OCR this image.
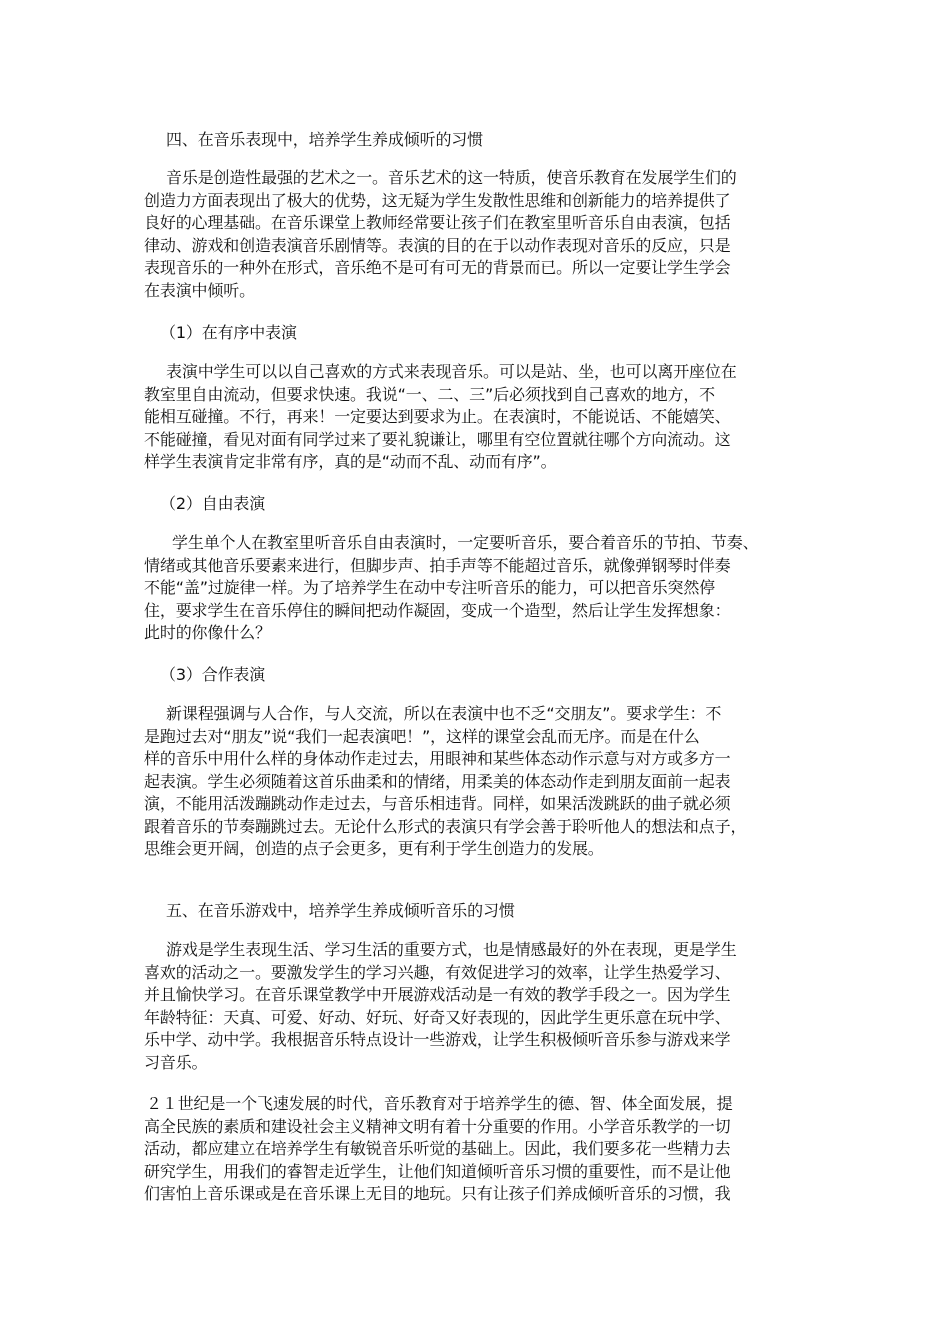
四、在音乐表现中，培养学生养成倾听的习惯

音乐是创造性最强的艺术之一。音乐艺术的这一特质，使音乐教育在发展学生们的
创造力方面表现出了极大的优势，这无疑为学生发散性思维和创新能力的培养提供了
良好的心理基础。在音乐课堂上教师经常要让孩子们在教室里听音乐自由表演，包括
律动、游戏和创造表演音乐剧情等。表演的目的在于以动作表现对音乐的反应，只是
表现音乐的一种外在形式，音乐绝不是可有可无的背景而已。所以一定要让学生学会
在表演中倾听。

（1）在有序中表演

表演中学生可以以自己喜欢的方式来表现音乐。可以是站、坐，也可以离开座位在
教室里自由流动，但要求快速。我说“一、二、三”后必须找到自己喜欢的地方，不
能相互碰撞。不行，再来！一定要达到要求为止。在表演时，不能说话、不能嬉笑、
不能碰撞，看见对面有同学过来了要礼貌谦让，哪里有空位置就往哪个方向流动。这
样学生表演肯定非常有序，真的是“动而不乱、动而有序”。

（2）自由表演

学生单个人在教室里听音乐自由表演时，一定要听音乐，要合着音乐的节拍、节奏、
情绪或其他音乐要素来进行，但脚步声、拍手声等不能超过音乐，就像弹钢琴时伴奏
不能“盖”过旋律一样。为了培养学生在动中专注听音乐的能力，可以把音乐突然停
住，要求学生在音乐停住的瞬间把动作凝固，变成一个造型，然后让学生发挥想象：
此时的你像什么？

（3）合作表演

新课程强调与人合作，与人交流，所以在表演中也不乏“交朋友”。要求学生：不
是跑过去对“朋友”说“我们一起表演吧！”，这样的课堂会乱而无序。而是在什么
样的音乐中用什么样的身体动作走过去，用眼神和某些体态动作示意与对方或多方一
起表演。学生必须随着这首乐曲柔和的情绪，用柔美的体态动作走到朋友面前一起表
演，不能用活泼蹦跳动作走过去，与音乐相违背。同样，如果活泼跳跃的曲子就必须
跟着音乐的节奏蹦跳过去。无论什么形式的表演只有学会善于聆听他人的想法和点子，
思维会更开阔，创造的点子会更多，更有利于学生创造力的发展。

五、在音乐游戏中，培养学生养成倾听音乐的习惯

游戏是学生表现生活、学习生活的重要方式，也是情感最好的外在表现，更是学生
喜欢的活动之一。要激发学生的学习兴趣，有效促进学习的效率，让学生热爱学习、
并且愉快学习。在音乐课堂教学中开展游戏活动是一有效的教学手段之一。因为学生
年龄特征：天真、可爱、好动、好玩、好奇又好表现的，因此学生更乐意在玩中学、
乐中学、动中学。我根据音乐特点设计一些游戏，让学生积极倾听音乐参与游戏来学
习音乐。

２１世纪是一个飞速发展的时代，音乐教育对于培养学生的德、智、体全面发展，提
高全民族的素质和建设社会主义精神文明有着十分重要的作用。小学音乐教学的一切
活动，都应建立在培养学生有敏锐音乐听觉的基础上。因此，我们要多花一些精力去
研究学生，用我们的睿智走近学生，让他们知道倾听音乐习惯的重要性，而不是让他
们害怕上音乐课或是在音乐课上无目的地玩。只有让孩子们养成倾听音乐的习惯，我
